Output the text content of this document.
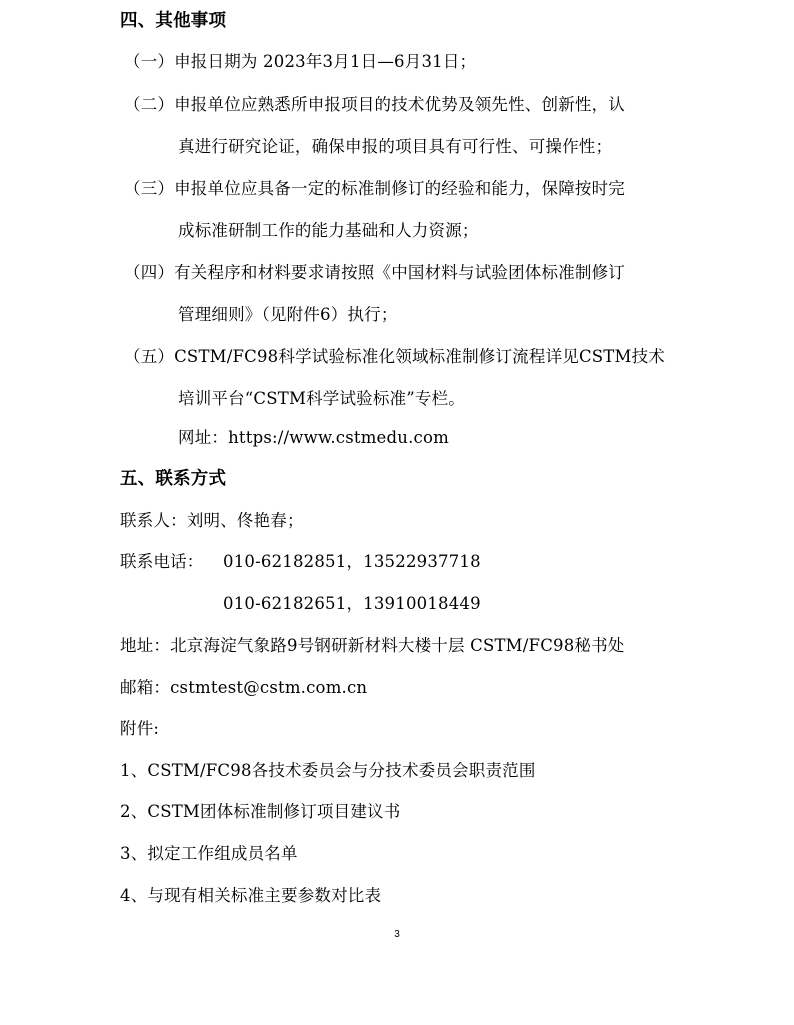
四、其他事项
（一）申报日期为 2023年3月1日—6月31日；
（二）申报单位应熟悉所申报项目的技术优势及领先性、创新性，认
真进行研究论证，确保申报的项目具有可行性、可操作性；
（三）申报单位应具备一定的标准制修订的经验和能力，保障按时完
成标准研制工作的能力基础和人力资源；
（四）有关程序和材料要求请按照《中国材料与试验团体标准制修订
管理细则》（见附件6）执行；
（五）CSTM/FC98科学试验标准化领域标准制修订流程详见CSTM技术
培训平台“CSTM科学试验标准”专栏。
网址：https://www.cstmedu.com
五、联系方式
联系人：刘明、佟艳春；
联系电话： 010-62182851，13522937718
010-62182651，13910018449
地址：北京海淀气象路9号钢研新材料大楼十层 CSTM/FC98秘书处
邮箱：cstmtest@cstm.com.cn
附件:
1、CSTM/FC98各技术委员会与分技术委员会职责范围
2、CSTM团体标准制修订项目建议书
3、拟定工作组成员名单
4、与现有相关标准主要参数对比表
3
